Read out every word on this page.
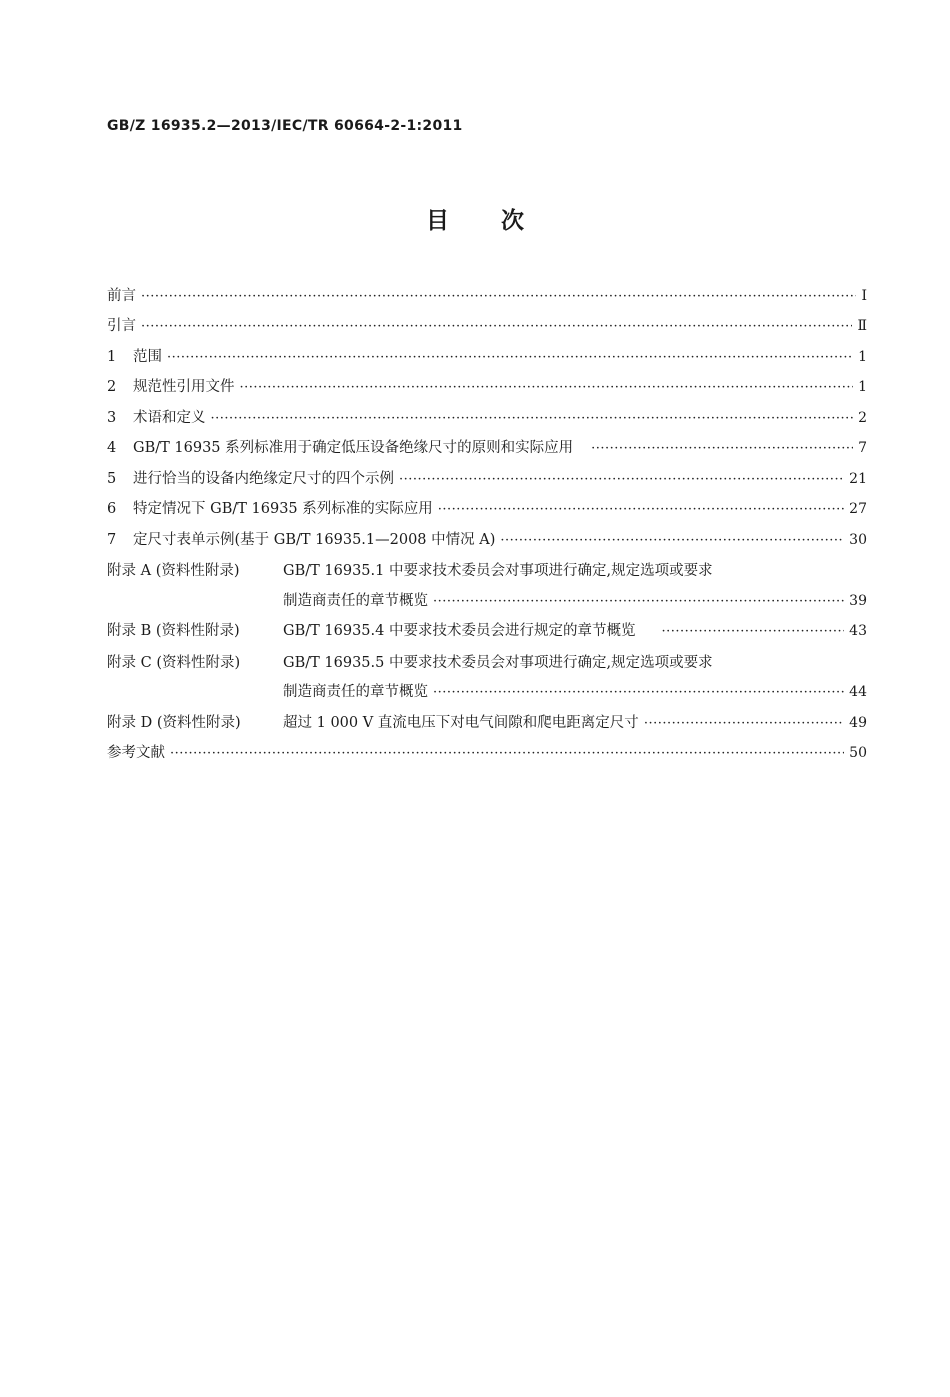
GB/Z 16935.2—2013/IEC/TR 60664-2-1:2011
目 次
前言 ·····	Ⅰ
引言 ·····	Ⅱ
1	范围 ·····	1
2	规范性引用文件 ·····	1
3	术语和定义 ·····	2
4	GB/T 16935 系列标准用于确定低压设备绝缘尺寸的原则和实际应用 ·····	7
5	进行恰当的设备内绝缘定尺寸的四个示例 ·····	21
6	特定情况下 GB/T 16935 系列标准的实际应用 ·····	27
7	定尺寸表单示例(基于 GB/T 16935.1—2008 中情况 A) ·····	30
附录 A (资料性附录)	GB/T 16935.1 中要求技术委员会对事项进行确定,规定选项或要求
制造商责任的章节概览 ·····	39
附录 B (资料性附录)	GB/T 16935.4 中要求技术委员会进行规定的章节概览 ·····	43
附录 C (资料性附录)	GB/T 16935.5 中要求技术委员会对事项进行确定,规定选项或要求
制造商责任的章节概览 ·····	44
附录 D (资料性附录)	超过 1 000 V 直流电压下对电气间隙和爬电距离定尺寸 ·····	49
参考文献 ·····	50
